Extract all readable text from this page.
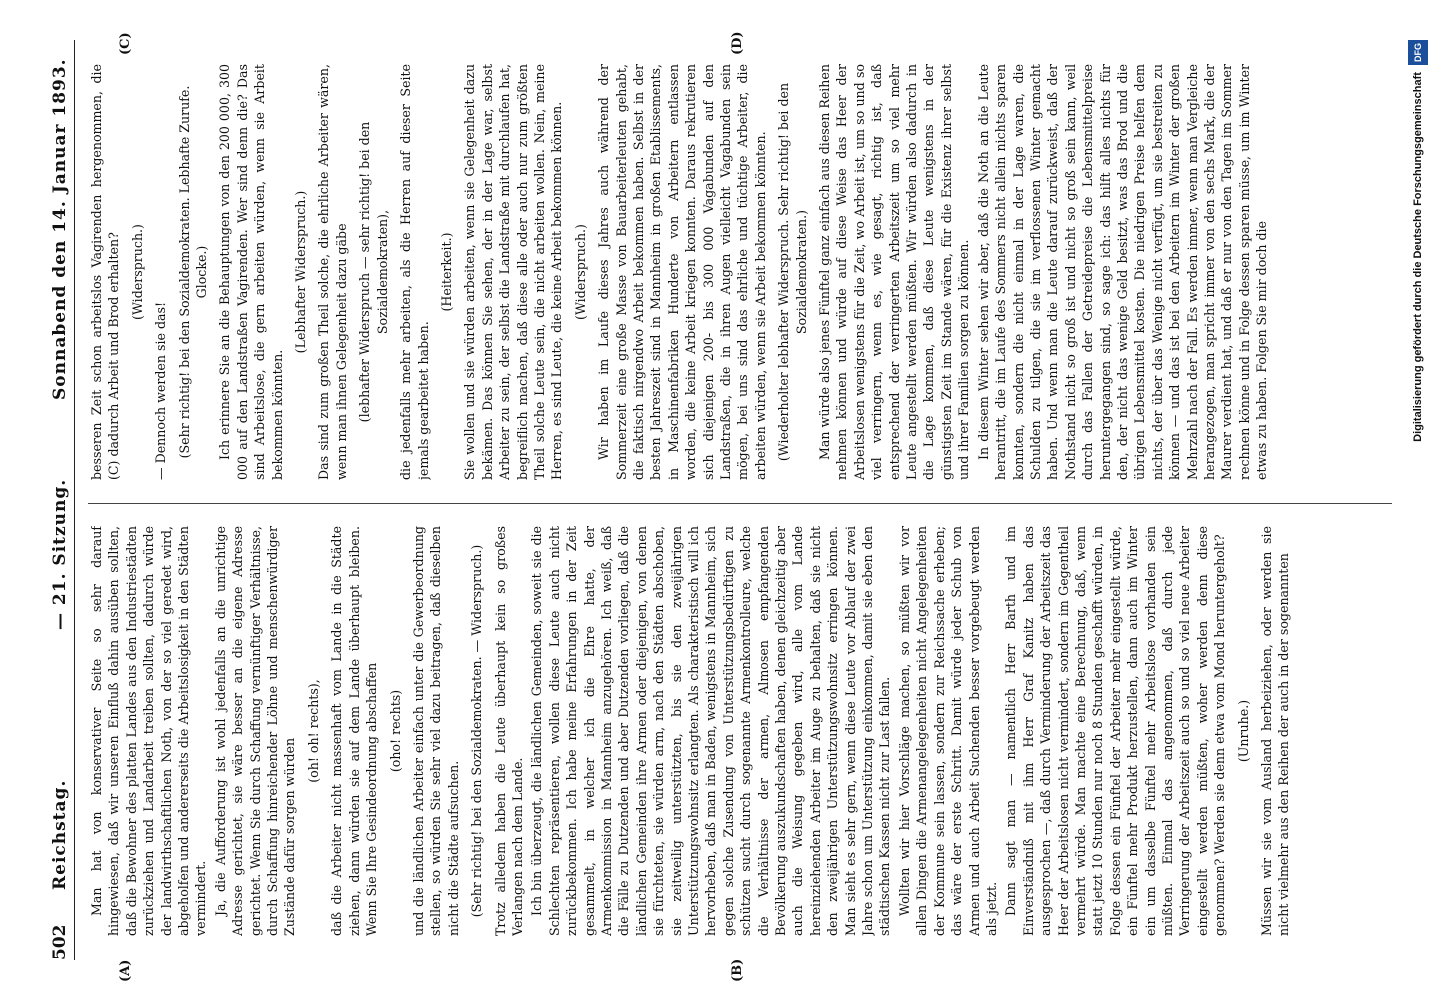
502
Reichstag.
— 21. Sitzung.
Sonnabend den 14. Januar 1893.
(A)	(B)
(C)	(D)

Man hat von konservativer Seite so sehr darauf hingewiesen, daß wir unseren Einfluß dahin ausüben sollten, daß die Bewohner des platten Landes aus den Industriestädten zurückziehen und Landarbeit treiben sollten, dadurch würde der landwirthschaftlichen Noth, von der so viel geredet wird, abgeholfen und andererseits die Arbeitslosigkeit in den Städten vermindert. Ja, die Aufforderung ist wohl jedenfalls an die unrichtige Adresse gerichtet, sie wäre besser an die eigene Adresse gerichtet. Wenn Sie durch Schaffung vernünftiger Verhältnisse, durch Schaffung hinreichender Löhne und menschenwürdiger Zustände dafür sorgen würden

(oh! oh! rechts), daß die Arbeiter nicht massenhaft vom Lande in die Städte ziehen, dann würden sie auf dem Lande überhaupt bleiben. Wenn Sie Ihre Gesindeordnung abschaffen (oho! rechts) und die ländlichen Arbeiter einfach unter die Gewerbeordnung stellen, so würden Sie sehr viel dazu beitragen, daß dieselben nicht die Städte aufsuchen. (Sehr richtig! bei den Sozialdemokraten. — Widerspruch.) Trotz alledem haben die Leute überhaupt kein so großes Verlangen nach dem Lande. Ich bin überzeugt, die ländlichen Gemeinden, soweit sie die Schlechten repräsentieren, wollen diese Leute auch nicht zurückbekommen. Ich habe meine Erfahrungen in der Zeit gesammelt, in welcher ich die Ehre hatte, der Armenkommission in Mannheim anzugehören. Ich weiß, daß die Fälle zu Dutzenden und aber Dutzenden vorliegen, daß die ländlichen Gemeinden ihre Armen oder diejenigen, von denen sie fürchteten, sie würden arm, nach den Städten abschoben, sie zeitweilig unterstützten, bis sie den zweijährigen Unterstützungswohnsitz erlangten. Als charakteristisch will ich hervorheben, daß man in Baden, wenigstens in Mannheim, sich gegen solche Zusendung von Unterstützungsbedürftigen zu schützen sucht durch sogenannte Armenkontrolleure, welche die Verhältnisse der armen, Almosen empfangenden Bevölkerung auszukundschaften haben, denen gleichzeitig aber auch die Weisung gegeben wird, alle vom Lande hereinziehenden Arbeiter im Auge zu behalten, daß sie nicht den zweijährigen Unterstützungswohnsitz erringen können. Man sieht es sehr gern, wenn diese Leute vor Ablauf der zwei Jahre schon um Unterstützung einkommen, damit sie eben den städtischen Kassen nicht zur Last fallen. Wollten wir hier Vorschläge machen, so müßten wir vor allen Dingen die Armenangelegenheiten nicht Angelegenheiten der Kommune sein lassen, sondern zur Reichssache erheben; das wäre der erste Schritt. Damit würde jeder Schub von Armen und auch Arbeit Suchenden besser vorgebeugt werden als jetzt. Dann sagt man — namentlich Herr Barth und im Einverständniß mit ihm Herr Graf Kanitz haben das ausgesprochen —, daß durch Verminderung der Arbeitszeit das Heer der Arbeitslosen nicht vermindert, sondern im Gegentheil vermehrt würde. Man machte eine Berechnung, daß, wenn statt jetzt 10 Stunden nur noch 8 Stunden geschafft würden, in Folge dessen ein Fünftel der Arbeiter mehr eingestellt würde, ein Fünftel mehr Produkt herzustellen, dann auch im Winter ein um dasselbe Fünftel mehr Arbeitslose vorhanden sein müßten. Einmal das angenommen, daß durch jede Verringerung der Arbeitszeit auch so und so viel neue Arbeiter eingestellt werden müßten, woher werden denn diese genommen? Werden sie denn etwa vom Mond heruntergeholt? (Unruhe.) Müssen wir sie vom Ausland herbeiziehen, oder werden sie nicht vielmehr aus den Reihen der auch in der sogenannten

besseren Zeit schon arbeitslos Vagirenden hergenommen, die (C) dadurch Arbeit und Brod erhalten? (Widerspruch.)

— Dennoch werden sie das! (Sehr richtig! bei den Sozialdemokraten. Lebhafte Zurufe. Glocke.) Ich erinnere Sie an die Behauptungen von den 200 000, 300 000 auf den Landstraßen Vagirenden. Wer sind denn die? Das sind Arbeitslose, die gern arbeiten würden, wenn sie Arbeit bekommen könnten.

(Lebhafter Widerspruch.) Das sind zum großen Theil solche, die ehrliche Arbeiter wären, wenn man ihnen Gelegenheit dazu gäbe (lebhafter Widerspruch — sehr richtig! bei den Sozialdemokraten), die jedenfalls mehr arbeiten, als die Herren auf dieser Seite jemals gearbeitet haben.

(Heiterkeit.) Sie wollen und sie würden arbeiten, wenn sie Gelegenheit dazu bekämen. Das können Sie sehen, der in der Lage war, selbst Arbeiter zu sein, der selbst die Landstraße mit durchlaufen hat, begreiflich machen, daß diese alle oder auch nur zum größten Theil solche Leute sein, die nicht arbeiten wollen. Nein, meine Herren, es sind Leute, die keine Arbeit bekommen können. (Widerspruch.) Wir haben im Laufe dieses Jahres auch während der Sommerzeit eine große Masse von Bauarbeiterleuten gehabt, die faktisch nirgendwo Arbeit bekommen haben. Selbst in der besten Jahreszeit sind in Mannheim in großen Etablissements, in Maschinenfabriken Hunderte von Arbeitern entlassen worden, die keine Arbeit kriegen konnten. Daraus rekrutieren sich diejenigen 200- bis 300 000 Vagabunden auf den Landstraßen, die in ihren Augen vielleicht Vagabunden sein mögen, bei uns sind das ehrliche und tüchtige Arbeiter, die arbeiten würden, wenn sie Arbeit bekommen könnten. (Wiederholter lebhafter Widerspruch. Sehr richtig! bei den Sozialdemokraten.) Man würde also jenes Fünftel ganz einfach aus diesen Reihen nehmen können und würde auf diese Weise das Heer der Arbeitslosen wenigstens für die Zeit, wo Arbeit ist, um so und so viel verringern, wenn es, wie gesagt, richtig ist, daß entsprechend der verringerten Arbeitszeit um so viel mehr Leute angestellt werden müßten. Wir würden also dadurch in die Lage kommen, daß diese Leute wenigstens in der günstigsten Zeit im Stande wären, für die Existenz ihrer selbst und ihrer Familien sorgen zu können. In diesem Winter sehen wir aber, daß die Noth an die Leute herantritt, die im Laufe des Sommers nicht allein nichts sparen konnten, sondern die nicht einmal in der Lage waren, die Schulden zu tilgen, die sie im verflossenen Winter gemacht haben. Und wenn man die Leute darauf zurückweist, daß der Nothstand nicht so groß ist und nicht so groß sein kann, weil durch das Fallen der Getreidepreise die Lebensmittelpreise heruntergegangen sind, so sage ich: das hilft alles nichts für den, der nicht das wenige Geld besitzt, was das Brod und die übrigen Lebensmittel kosten. Die niedrigen Preise helfen dem nichts, der über das Wenige nicht verfügt, um sie bestreiten zu können — und das ist bei den Arbeitern im Winter der großen Mehrzahl nach der Fall. Es werden immer, wenn man Vergleiche herangezogen, man spricht immer von den sechs Mark, die der Maurer verdient hat, und daß er nur von den Tagen im Sommer rechnen könne und in Folge dessen sparen müsse, um im Winter etwas zu haben. Folgen Sie mir doch die	Digitalisierung gefördert durch die Deutsche Forschungsgemeinschaft DFG
